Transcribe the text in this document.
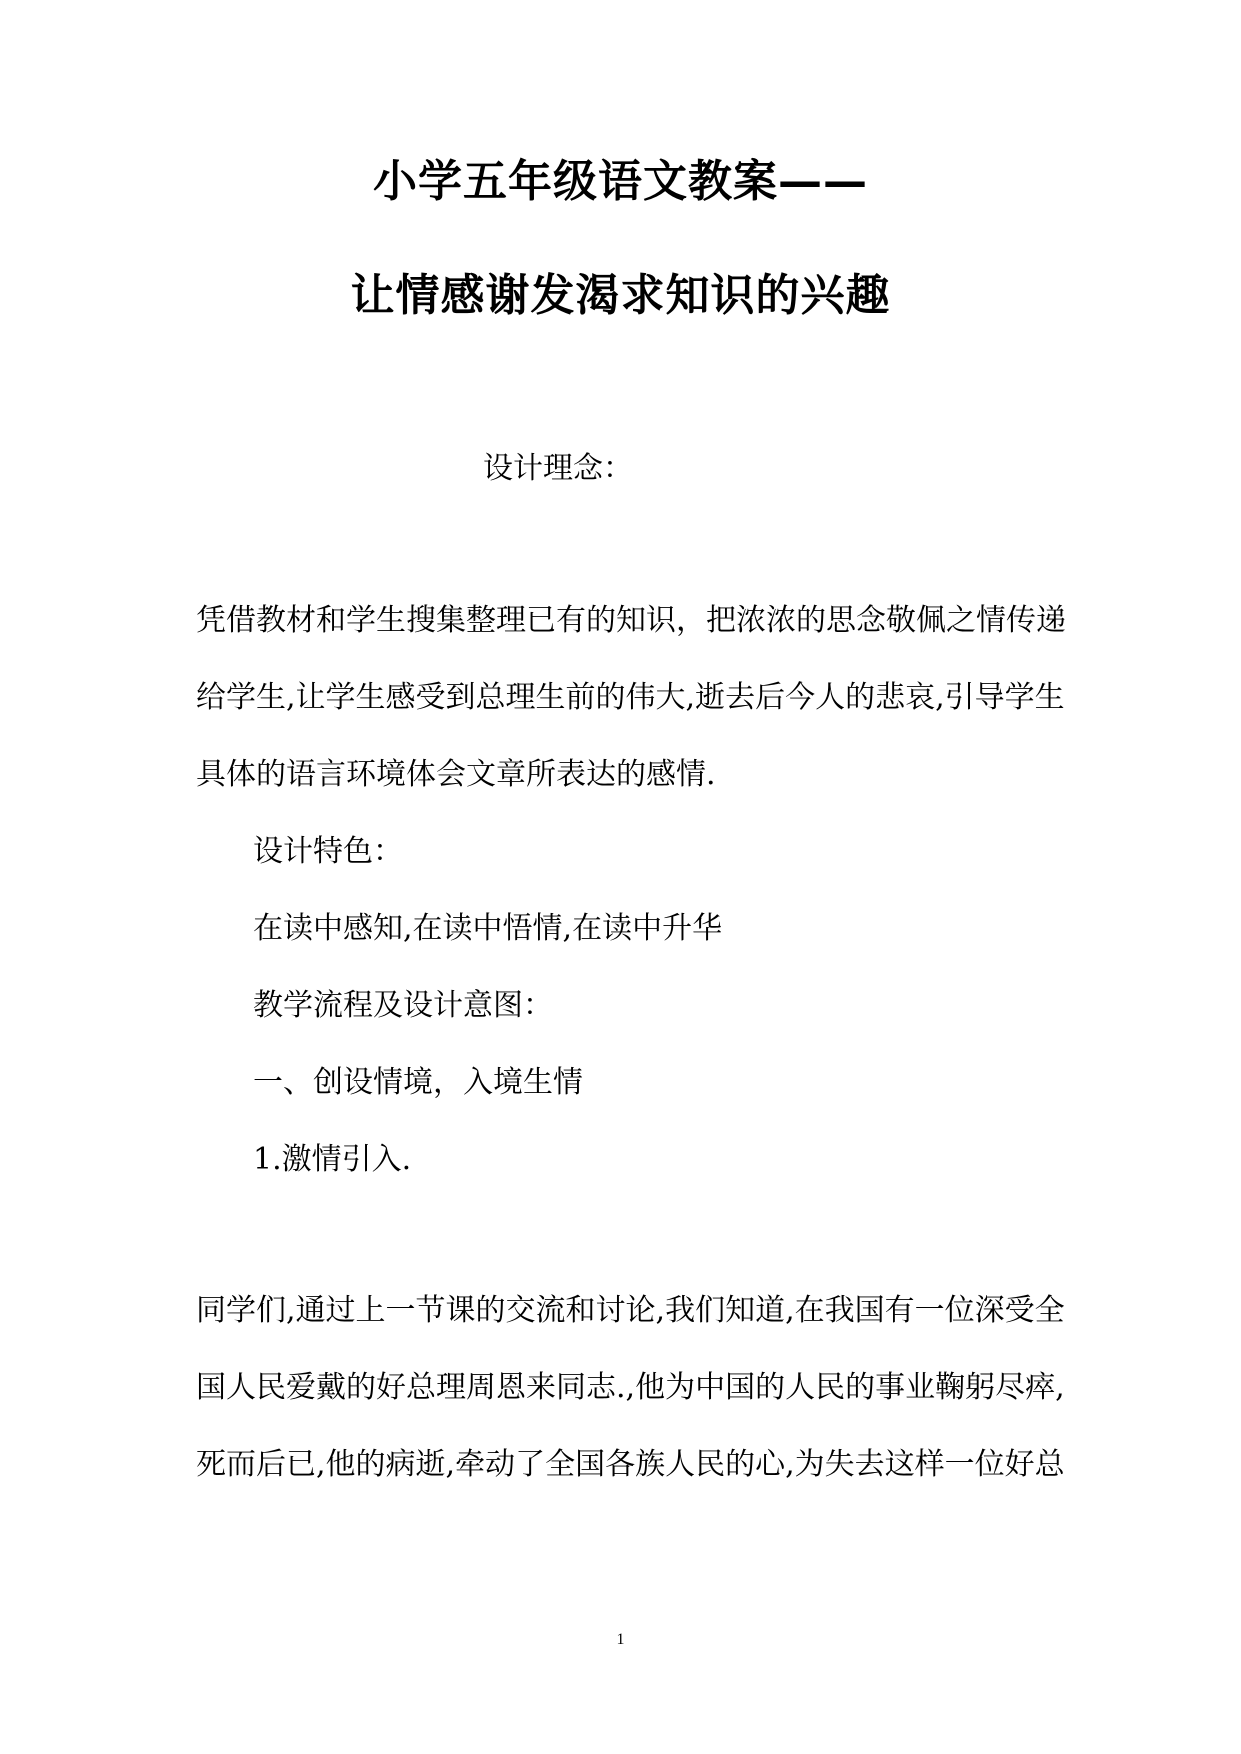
小学五年级语文教案——
让情感谢发渴求知识的兴趣
设计理念：
凭借教材和学生搜集整理已有的知识，把浓浓的思念敬佩之情传递
给学生,让学生感受到总理生前的伟大,逝去后今人的悲哀,引导学生
具体的语言环境体会文章所表达的感情.
设计特色：
在读中感知,在读中悟情,在读中升华
教学流程及设计意图：
一、创设情境，入境生情
1.激情引入.
同学们,通过上一节课的交流和讨论,我们知道,在我国有一位深受全
国人民爱戴的好总理周恩来同志.,他为中国的人民的事业鞠躬尽瘁,
死而后已,他的病逝,牵动了全国各族人民的心,为失去这样一位好总
1
